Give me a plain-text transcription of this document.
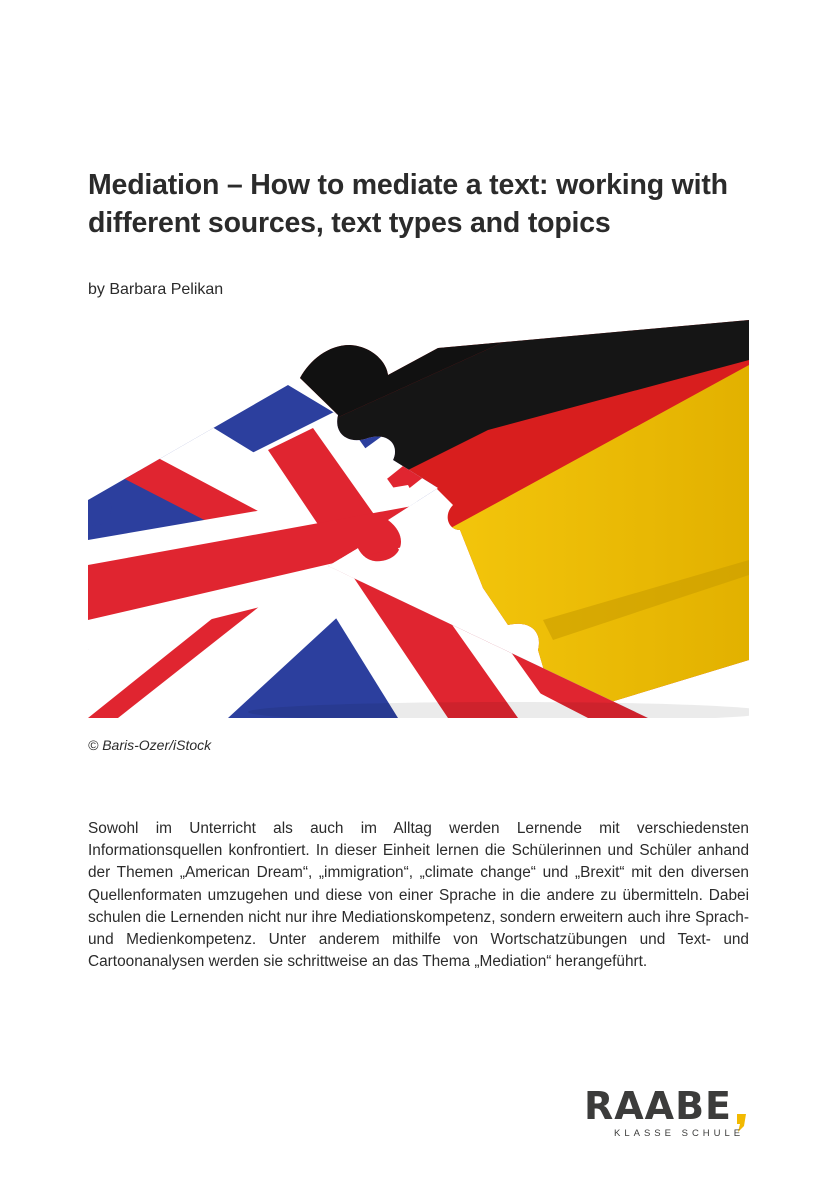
Mediation – How to mediate a text: working with different sources, text types and topics
by Barbara Pelikan
© Baris-Ozer/iStock

Sowohl im Unterricht als auch im Alltag werden Lernende mit verschiedensten Informationsquellen konfrontiert. In dieser Einheit lernen die Schülerinnen und Schüler anhand der Themen „American Dream“, „immigration“, „climate change“ und „Brexit“ mit den diversen Quellenformaten umzugehen und diese von einer Sprache in die andere zu übermitteln. Dabei schulen die Lernenden nicht nur ihre Mediationskompetenz, sondern erweitern auch ihre Sprach- und Medienkompetenz. Unter anderem mithilfe von Wortschatzübungen und Text- und Cartoonanalysen werden sie schrittweise an das Thema „Mediation“ herangeführt.

RAABE
KLASSE SCHULE
